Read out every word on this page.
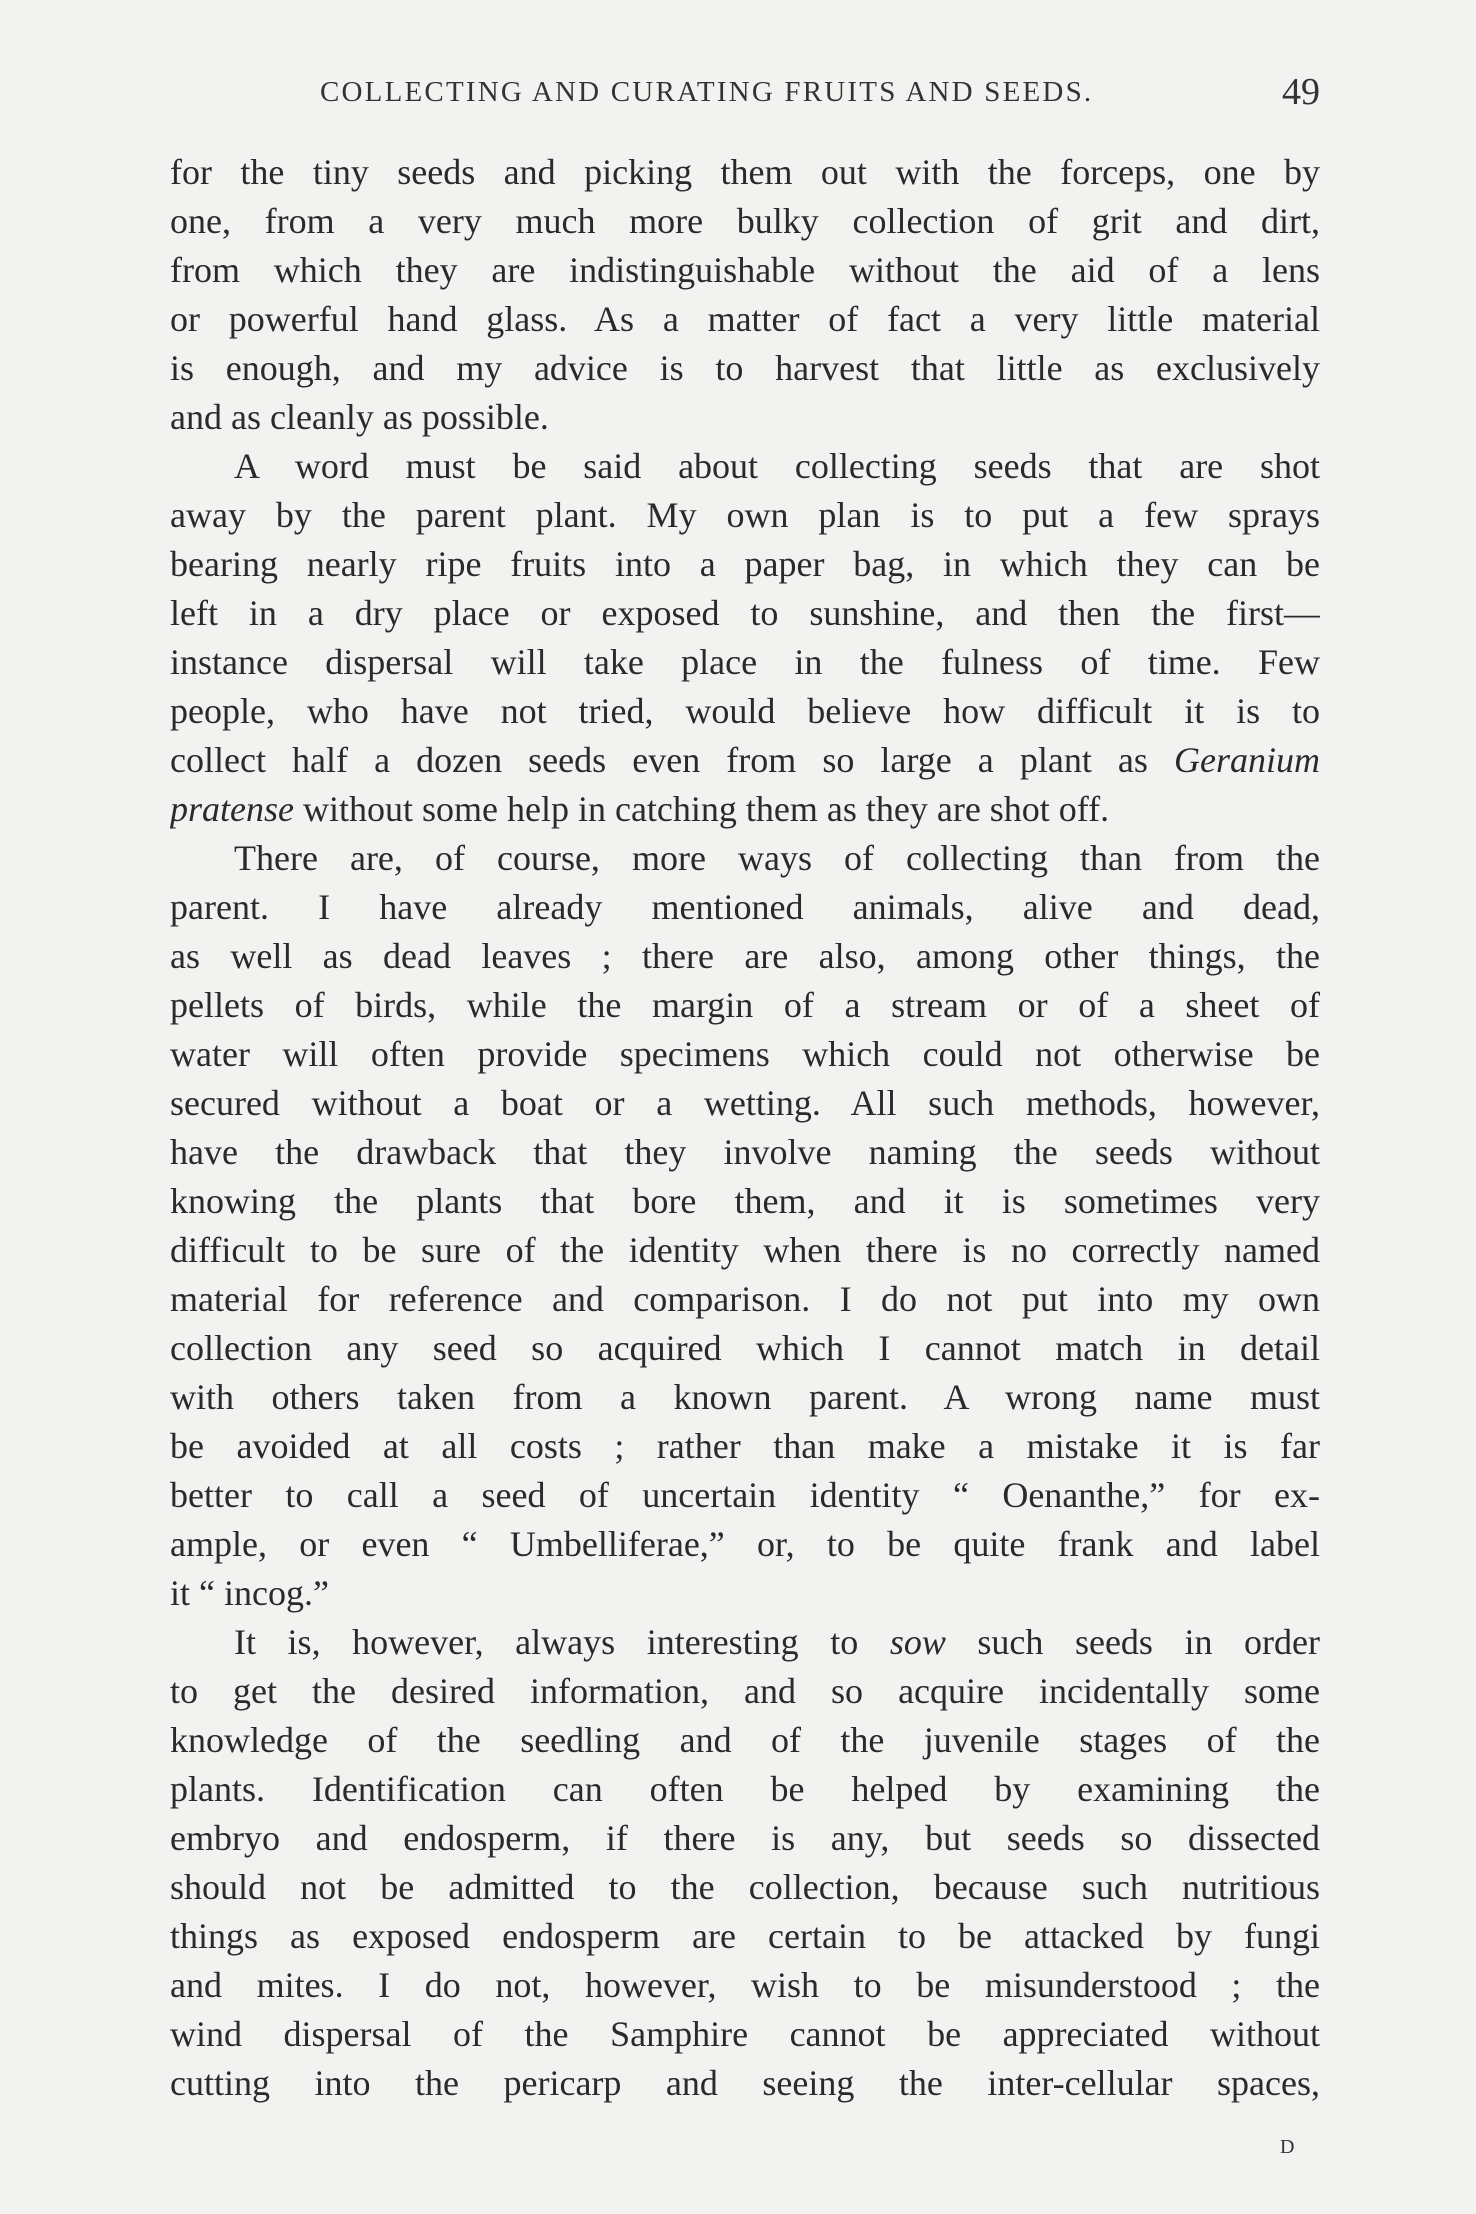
COLLECTING AND CURATING FRUITS AND SEEDS.	49
for the tiny seeds and picking them out with the forceps, one by
one, from a very much more bulky collection of grit and dirt,
from which they are indistinguishable without the aid of a lens
or powerful hand glass. As a matter of fact a very little material
is enough, and my advice is to harvest that little as exclusively
and as cleanly as possible.
A word must be said about collecting seeds that are shot
away by the parent plant. My own plan is to put a few sprays
bearing nearly ripe fruits into a paper bag, in which they can be
left in a dry place or exposed to sunshine, and then the first—
instance dispersal will take place in the fulness of time. Few
people, who have not tried, would believe how difficult it is to
collect half a dozen seeds even from so large a plant as Geranium
pratense without some help in catching them as they are shot off.
There are, of course, more ways of collecting than from the
parent. I have already mentioned animals, alive and dead,
as well as dead leaves ; there are also, among other things, the
pellets of birds, while the margin of a stream or of a sheet of
water will often provide specimens which could not otherwise be
secured without a boat or a wetting. All such methods, however,
have the drawback that they involve naming the seeds without
knowing the plants that bore them, and it is sometimes very
difficult to be sure of the identity when there is no correctly named
material for reference and comparison. I do not put into my own
collection any seed so acquired which I cannot match in detail
with others taken from a known parent. A wrong name must
be avoided at all costs ; rather than make a mistake it is far
better to call a seed of uncertain identity “ Oenanthe,” for ex-
ample, or even “ Umbelliferae,” or, to be quite frank and label
it “ incog.”
It is, however, always interesting to sow such seeds in order
to get the desired information, and so acquire incidentally some
knowledge of the seedling and of the juvenile stages of the
plants. Identification can often be helped by examining the
embryo and endosperm, if there is any, but seeds so dissected
should not be admitted to the collection, because such nutritious
things as exposed endosperm are certain to be attacked by fungi
and mites. I do not, however, wish to be misunderstood ; the
wind dispersal of the Samphire cannot be appreciated without
cutting into the pericarp and seeing the inter-cellular spaces,
D
